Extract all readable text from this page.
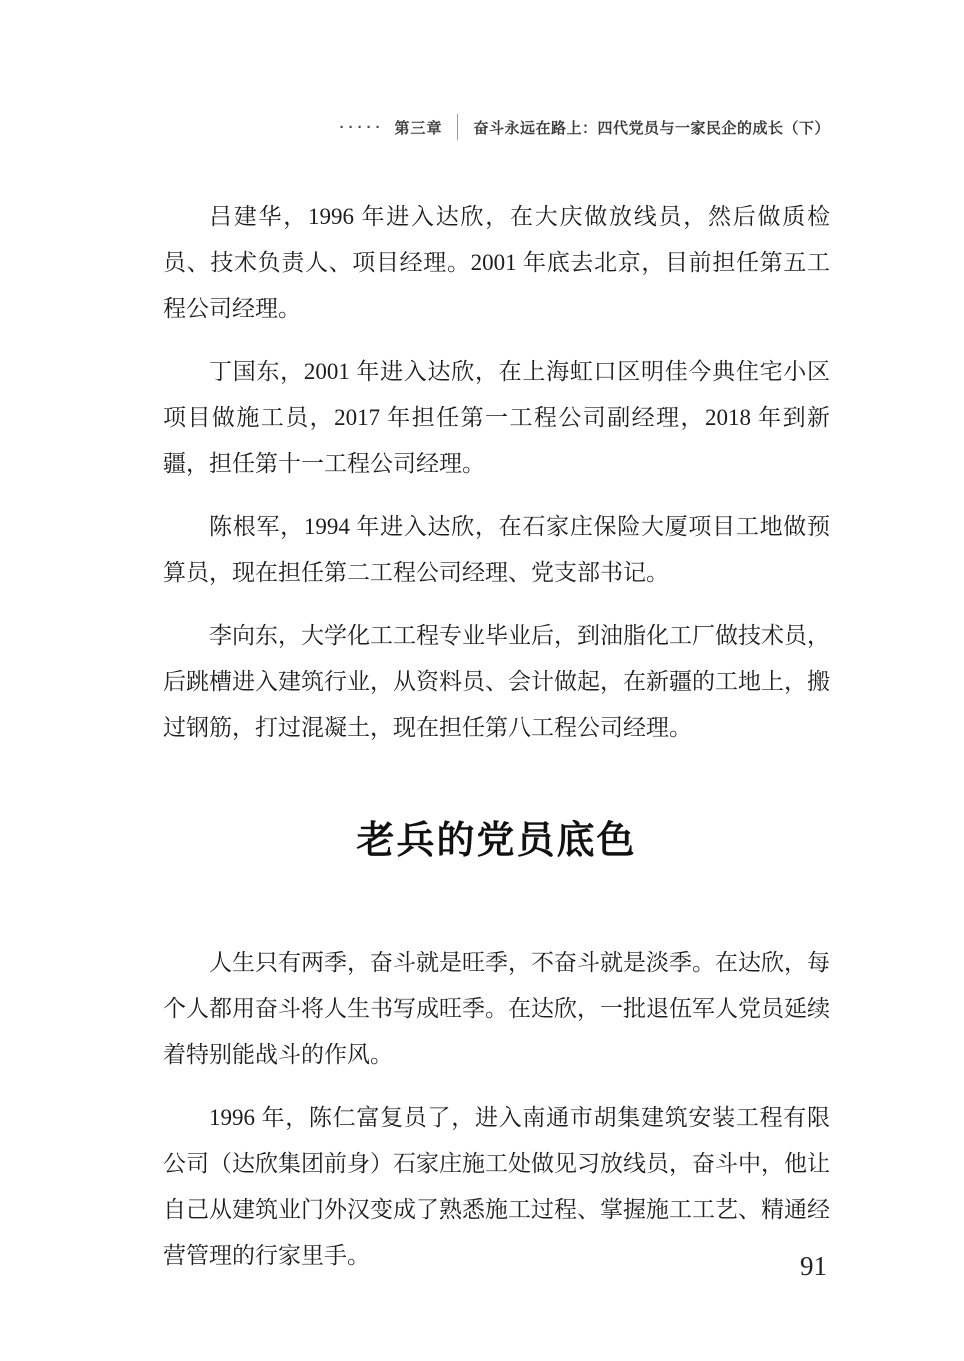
····· 第三章 奋斗永远在路上：四代党员与一家民企的成长（下）

吕建华，1996 年进入达欣，在大庆做放线员，然后做质检员、技术负责人、项目经理。2001 年底去北京，目前担任第五工程公司经理。

丁国东，2001 年进入达欣，在上海虹口区明佳今典住宅小区项目做施工员，2017 年担任第一工程公司副经理，2018 年到新疆，担任第十一工程公司经理。

陈根军，1994 年进入达欣，在石家庄保险大厦项目工地做预算员，现在担任第二工程公司经理、党支部书记。

李向东，大学化工工程专业毕业后，到油脂化工厂做技术员，后跳槽进入建筑行业，从资料员、会计做起，在新疆的工地上，搬过钢筋，打过混凝土，现在担任第八工程公司经理。

老兵的党员底色

人生只有两季，奋斗就是旺季，不奋斗就是淡季。在达欣，每个人都用奋斗将人生书写成旺季。在达欣，一批退伍军人党员延续着特别能战斗的作风。

1996 年，陈仁富复员了，进入南通市胡集建筑安装工程有限公司（达欣集团前身）石家庄施工处做见习放线员，奋斗中，他让自己从建筑业门外汉变成了熟悉施工过程、掌握施工工艺、精通经营管理的行家里手。	91
